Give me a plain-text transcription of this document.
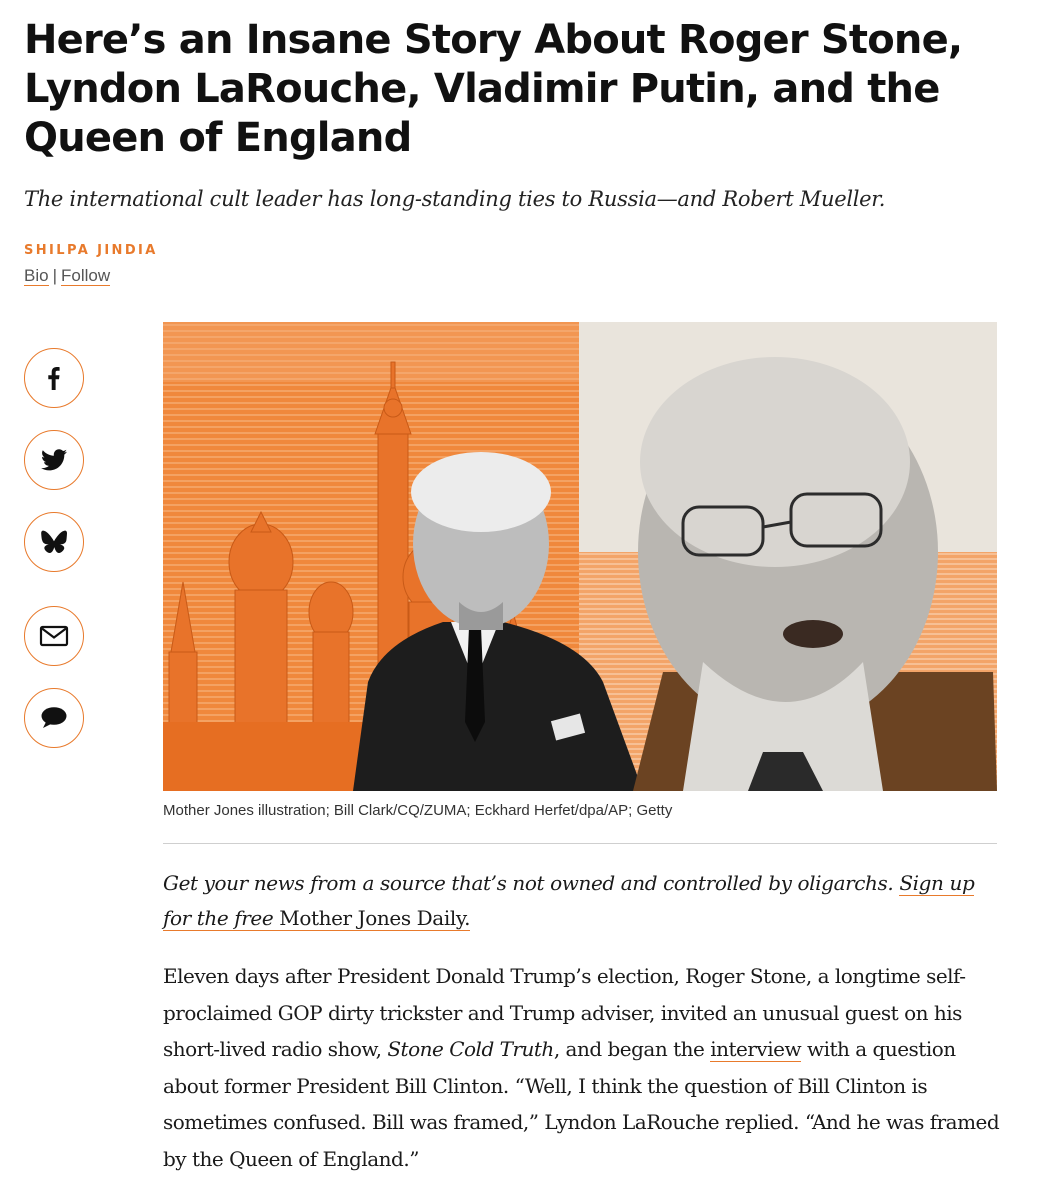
Here’s an Insane Story About Roger Stone, Lyndon LaRouche, Vladimir Putin, and the Queen of England

The international cult leader has long-standing ties to Russia—and Robert Mueller.

SHILPA JINDIA
Bio | Follow
Mother Jones illustration; Bill Clark/CQ/ZUMA; Eckhard Herfet/dpa/AP; Getty

Get your news from a source that’s not owned and controlled by oligarchs. Sign up for the free Mother Jones Daily.

Eleven days after President Donald Trump’s election, Roger Stone, a longtime self-proclaimed GOP dirty trickster and Trump adviser, invited an unusual guest on his short-lived radio show, Stone Cold Truth, and began the interview with a question about former President Bill Clinton. “Well, I think the question of Bill Clinton is sometimes confused. Bill was framed,” Lyndon LaRouche replied. “And he was framed by the Queen of England.”
